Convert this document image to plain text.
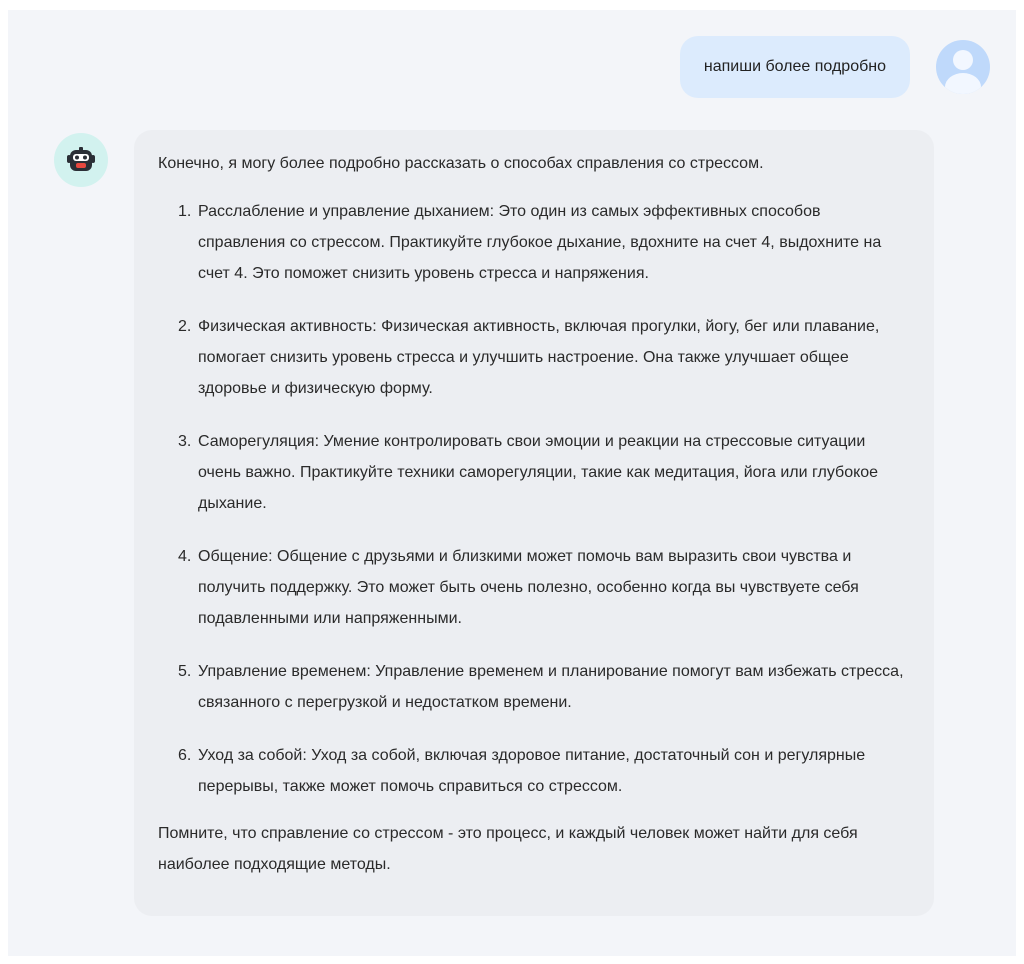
напиши более подробно

Конечно, я могу более подробно рассказать о способах справления со стрессом.

1. Расслабление и управление дыханием: Это один из самых эффективных способов справления со стрессом. Практикуйте глубокое дыхание, вдохните на счет 4, выдохните на счет 4. Это поможет снизить уровень стресса и напряжения.
2. Физическая активность: Физическая активность, включая прогулки, йогу, бег или плавание, помогает снизить уровень стресса и улучшить настроение. Она также улучшает общее здоровье и физическую форму.
3. Саморегуляция: Умение контролировать свои эмоции и реакции на стрессовые ситуации очень важно. Практикуйте техники саморегуляции, такие как медитация, йога или глубокое дыхание.
4. Общение: Общение с друзьями и близкими может помочь вам выразить свои чувства и получить поддержку. Это может быть очень полезно, особенно когда вы чувствуете себя подавленными или напряженными.
5. Управление временем: Управление временем и планирование помогут вам избежать стресса, связанного с перегрузкой и недостатком времени.
6. Уход за собой: Уход за собой, включая здоровое питание, достаточный сон и регулярные перерывы, также может помочь справиться со стрессом.

Помните, что справление со стрессом - это процесс, и каждый человек может найти для себя наиболее подходящие методы.
